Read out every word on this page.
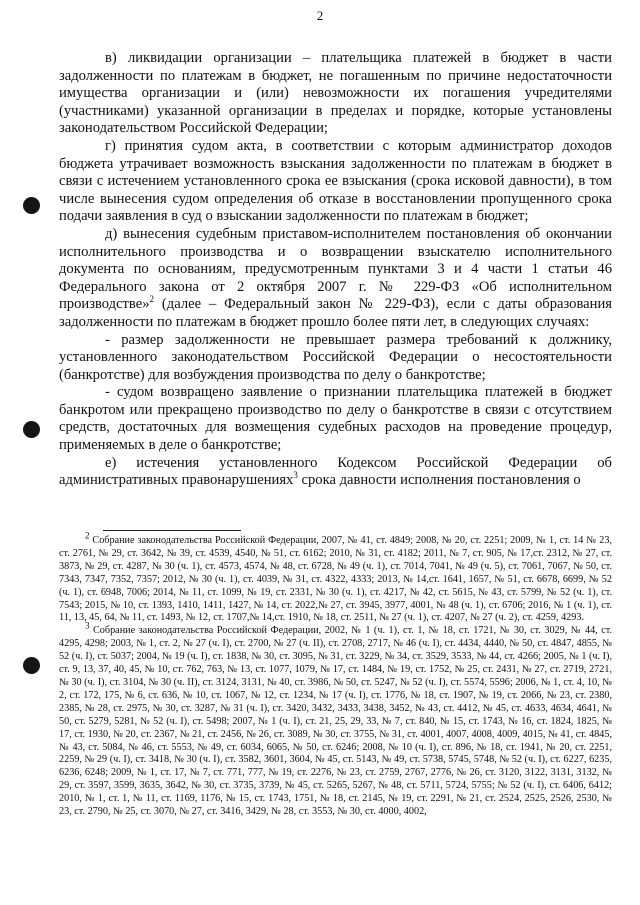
2

в) ликвидации организации – плательщика платежей в бюджет в части задолженности по платежам в бюджет, не погашенным по причине недостаточности имущества организации и (или) невозможности их погашения учредителями (участниками) указанной организации в пределах и порядке, которые установлены законодательством Российской Федерации;

г) принятия судом акта, в соответствии с которым администратор доходов бюджета утрачивает возможность взыскания задолженности по платежам в бюджет в связи с истечением установленного срока ее взыскания (срока исковой давности), в том числе вынесения судом определения об отказе в восстановлении пропущенного срока подачи заявления в суд о взыскании задолженности по платежам в бюджет;

д) вынесения судебным приставом-исполнителем постановления об окончании исполнительного производства и о возвращении взыскателю исполнительного документа по основаниям, предусмотренным пунктами 3 и 4 части 1 статьи 46 Федерального закона от 2 октября 2007 г. № 229-ФЗ «Об исполнительном производстве»$^2$ (далее – Федеральный закон № 229-ФЗ), если с даты образования задолженности по платежам в бюджет прошло более пяти лет, в следующих случаях:

- размер задолженности не превышает размера требований к должнику, установленного законодательством Российской Федерации о несостоятельности (банкротстве) для возбуждения производства по делу о банкротстве;

- судом возвращено заявление о признании плательщика платежей в бюджет банкротом или прекращено производство по делу о банкротстве в связи с отсутствием средств, достаточных для возмещения судебных расходов на проведение процедур, применяемых в деле о банкротстве;

е) истечения установленного Кодексом Российской Федерации об административных правонарушениях$^3$ срока давности исполнения постановления о

$^2$ Собрание законодательства Российской Федерации, 2007, № 41, ст. 4849; 2008, № 20, ст. 2251; 2009, № 1, ст. 14 № 23, ст. 2761, № 29, ст. 3642, № 39, ст. 4539, 4540, № 51, ст. 6162; 2010, № 31, ст. 4182; 2011, № 7, ст. 905, № 17,ст. 2312, № 27, ст. 3873, № 29, ст. 4287, № 30 (ч. 1), ст. 4573, 4574, № 48, ст. 6728, № 49 (ч. 1), ст. 7014, 7041, № 49 (ч. 5), ст. 7061, 7067, № 50, ст. 7343, 7347, 7352, 7357; 2012, № 30 (ч. 1), ст. 4039, № 31, ст. 4322, 4333; 2013, № 14,ст. 1641, 1657, № 51, ст. 6678, 6699, № 52 (ч. 1), ст. 6948, 7006; 2014, № 11, ст. 1099, № 19, ст. 2331, № 30 (ч. 1), ст. 4217, № 42, ст. 5615, № 43, ст. 5799, № 52 (ч. 1), ст. 7543; 2015, № 10, ст. 1393, 1410, 1411, 1427, № 14, ст. 2022,№ 27, ст. 3945, 3977, 4001, № 48 (ч. 1), ст. 6706; 2016, № 1 (ч. 1), ст. 11, 13, 45, 64, № 11, ст. 1493, № 12, ст. 1707,№ 14,ст. 1910, № 18, ст. 2511, № 27 (ч. 1), ст. 4207, № 27 (ч. 2), ст. 4259, 4293.

$^3$ Собрание законодательства Российской Федерации, 2002, № 1 (ч. 1), ст. 1, № 18, ст. 1721, № 30, ст. 3029, № 44, ст. 4295, 4298; 2003, № 1, ст. 2, № 27 (ч. I), ст. 2700, № 27 (ч. II), ст. 2708, 2717, № 46 (ч. I), ст. 4434, 4440, № 50, ст. 4847, 4855, № 52 (ч. I), ст. 5037; 2004, № 19 (ч. I), ст. 1838, № 30, ст. 3095, № 31, ст. 3229, № 34, ст. 3529, 3533, № 44, ст. 4266; 2005, № 1 (ч. I), ст. 9, 13, 37, 40, 45, № 10, ст. 762, 763, № 13, ст. 1077, 1079, № 17, ст. 1484, № 19, ст. 1752, № 25, ст. 2431, № 27, ст. 2719, 2721, № 30 (ч. I), ст. 3104, № 30 (ч. II), ст. 3124, 3131, № 40, ст. 3986, № 50, ст. 5247, № 52 (ч. I), ст. 5574, 5596; 2006, № 1, ст. 4, 10, № 2, ст. 172, 175, № 6, ст. 636, № 10, ст. 1067, № 12, ст. 1234, № 17 (ч. I), ст. 1776, № 18, ст. 1907, № 19, ст. 2066, № 23, ст. 2380, 2385, № 28, ст. 2975, № 30, ст. 3287, № 31 (ч. I), ст. 3420, 3432, 3433, 3438, 3452, № 43, ст. 4412, № 45, ст. 4633, 4634, 4641, № 50, ст. 5279, 5281, № 52 (ч. I), ст. 5498; 2007, № 1 (ч. I), ст. 21, 25, 29, 33, № 7, ст. 840, № 15, ст. 1743, № 16, ст. 1824, 1825, № 17, ст. 1930, № 20, ст. 2367, № 21, ст. 2456, № 26, ст. 3089, № 30, ст. 3755, № 31, ст. 4001, 4007, 4008, 4009, 4015, № 41, ст. 4845, № 43, ст. 5084, № 46, ст. 5553, № 49, ст. 6034, 6065, № 50, ст. 6246; 2008, № 10 (ч. I), ст. 896, № 18, ст. 1941, № 20, ст. 2251, 2259, № 29 (ч. I), ст. 3418, № 30 (ч. I), ст. 3582, 3601, 3604, № 45, ст. 5143, № 49, ст. 5738, 5745, 5748, № 52 (ч. I), ст. 6227, 6235, 6236, 6248; 2009, № 1, ст. 17, № 7, ст. 771, 777, № 19, ст. 2276, № 23, ст. 2759, 2767, 2776, № 26, ст. 3120, 3122, 3131, 3132, № 29, ст. 3597, 3599, 3635, 3642, № 30, ст. 3735, 3739, № 45, ст. 5265, 5267, № 48, ст. 5711, 5724, 5755; № 52 (ч. I), ст. 6406, 6412; 2010, № 1, ст. 1, № 11, ст. 1169, 1176, № 15, ст. 1743, 1751, № 18, ст. 2145, № 19, ст. 2291, № 21, ст. 2524, 2525, 2526, 2530, № 23, ст. 2790, № 25, ст. 3070, № 27, ст. 3416, 3429, № 28, ст. 3553, № 30, ст. 4000, 4002,
